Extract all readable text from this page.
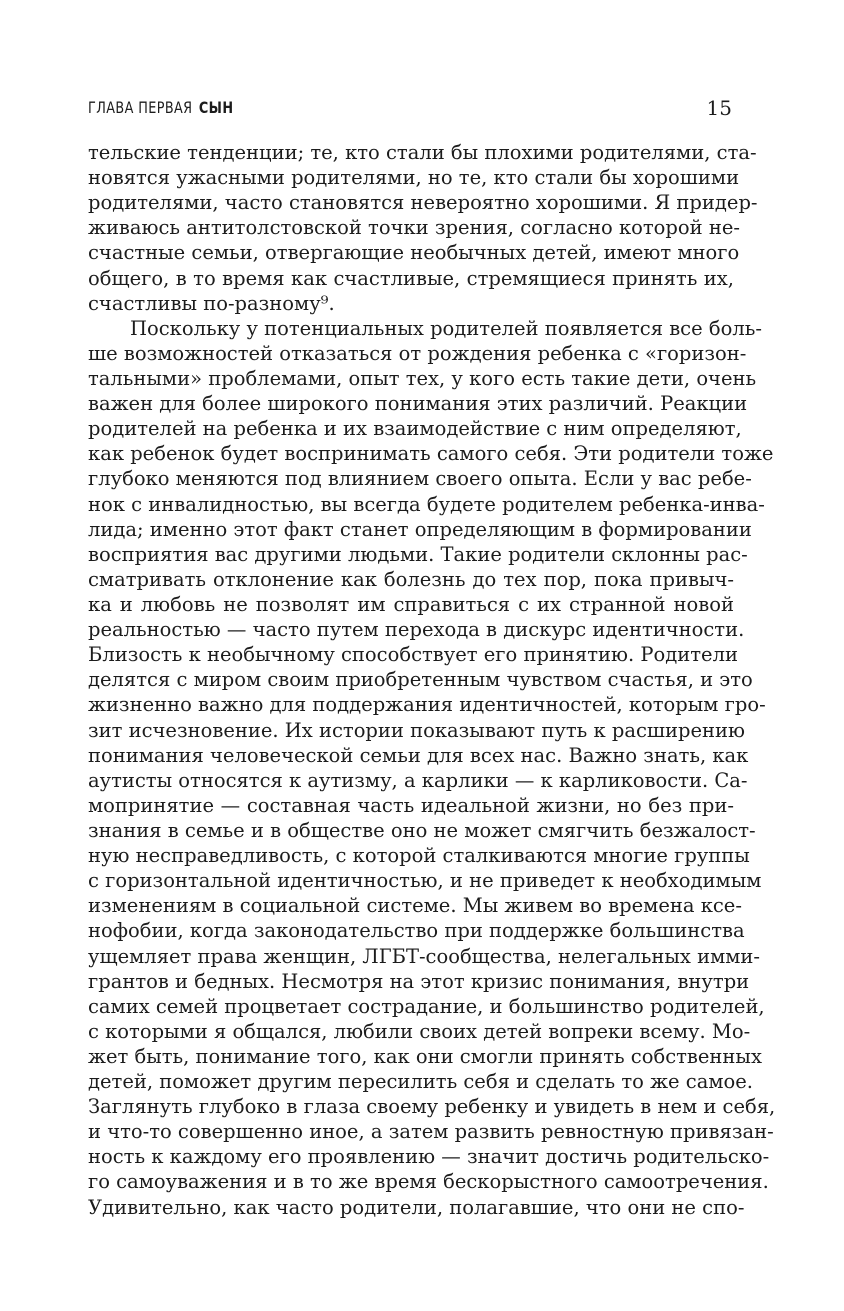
ГЛАВА ПЕРВАЯ СЫН	15
тельские тенденции; те, кто стали бы плохими родителями, ста-
новятся ужасными родителями, но те, кто стали бы хорошими
родителями, часто становятся невероятно хорошими. Я придер-
живаюсь антитолстовской точки зрения, согласно которой не-
счастные семьи, отвергающие необычных детей, имеют много
общего, в то время как счастливые, стремящиеся принять их,
счастливы по-разному⁹.
Поскольку у потенциальных родителей появляется все боль-
ше возможностей отказаться от рождения ребенка с «горизон-
тальными» проблемами, опыт тех, у кого есть такие дети, очень
важен для более широкого понимания этих различий. Реакции
родителей на ребенка и их взаимодействие с ним определяют,
как ребенок будет воспринимать самого себя. Эти родители тоже
глубоко меняются под влиянием своего опыта. Если у вас ребе-
нок с инвалидностью, вы всегда будете родителем ребенка-инва-
лида; именно этот факт станет определяющим в формировании
восприятия вас другими людьми. Такие родители склонны рас-
сматривать отклонение как болезнь до тех пор, пока привыч-
ка и любовь не позволят им справиться с их странной новой
реальностью — часто путем перехода в дискурс идентичности.
Близость к необычному способствует его принятию. Родители
делятся с миром своим приобретенным чувством счастья, и это
жизненно важно для поддержания идентичностей, которым гро-
зит исчезновение. Их истории показывают путь к расширению
понимания человеческой семьи для всех нас. Важно знать, как
аутисты относятся к аутизму, а карлики — к карликовости. Са-
мопринятие — составная часть идеальной жизни, но без при-
знания в семье и в обществе оно не может смягчить безжалост-
ную несправедливость, с которой сталкиваются многие группы
с горизонтальной идентичностью, и не приведет к необходимым
изменениям в социальной системе. Мы живем во времена ксе-
нофобии, когда законодательство при поддержке большинства
ущемляет права женщин, ЛГБТ-сообщества, нелегальных имми-
грантов и бедных. Несмотря на этот кризис понимания, внутри
самих семей процветает сострадание, и большинство родителей,
с которыми я общался, любили своих детей вопреки всему. Мо-
жет быть, понимание того, как они смогли принять собственных
детей, поможет другим пересилить себя и сделать то же самое.
Заглянуть глубоко в глаза своему ребенку и увидеть в нем и себя,
и что-то совершенно иное, а затем развить ревностную привязан-
ность к каждому его проявлению — значит достичь родительско-
го самоуважения и в то же время бескорыстного самоотречения.
Удивительно, как часто родители, полагавшие, что они не спо-
